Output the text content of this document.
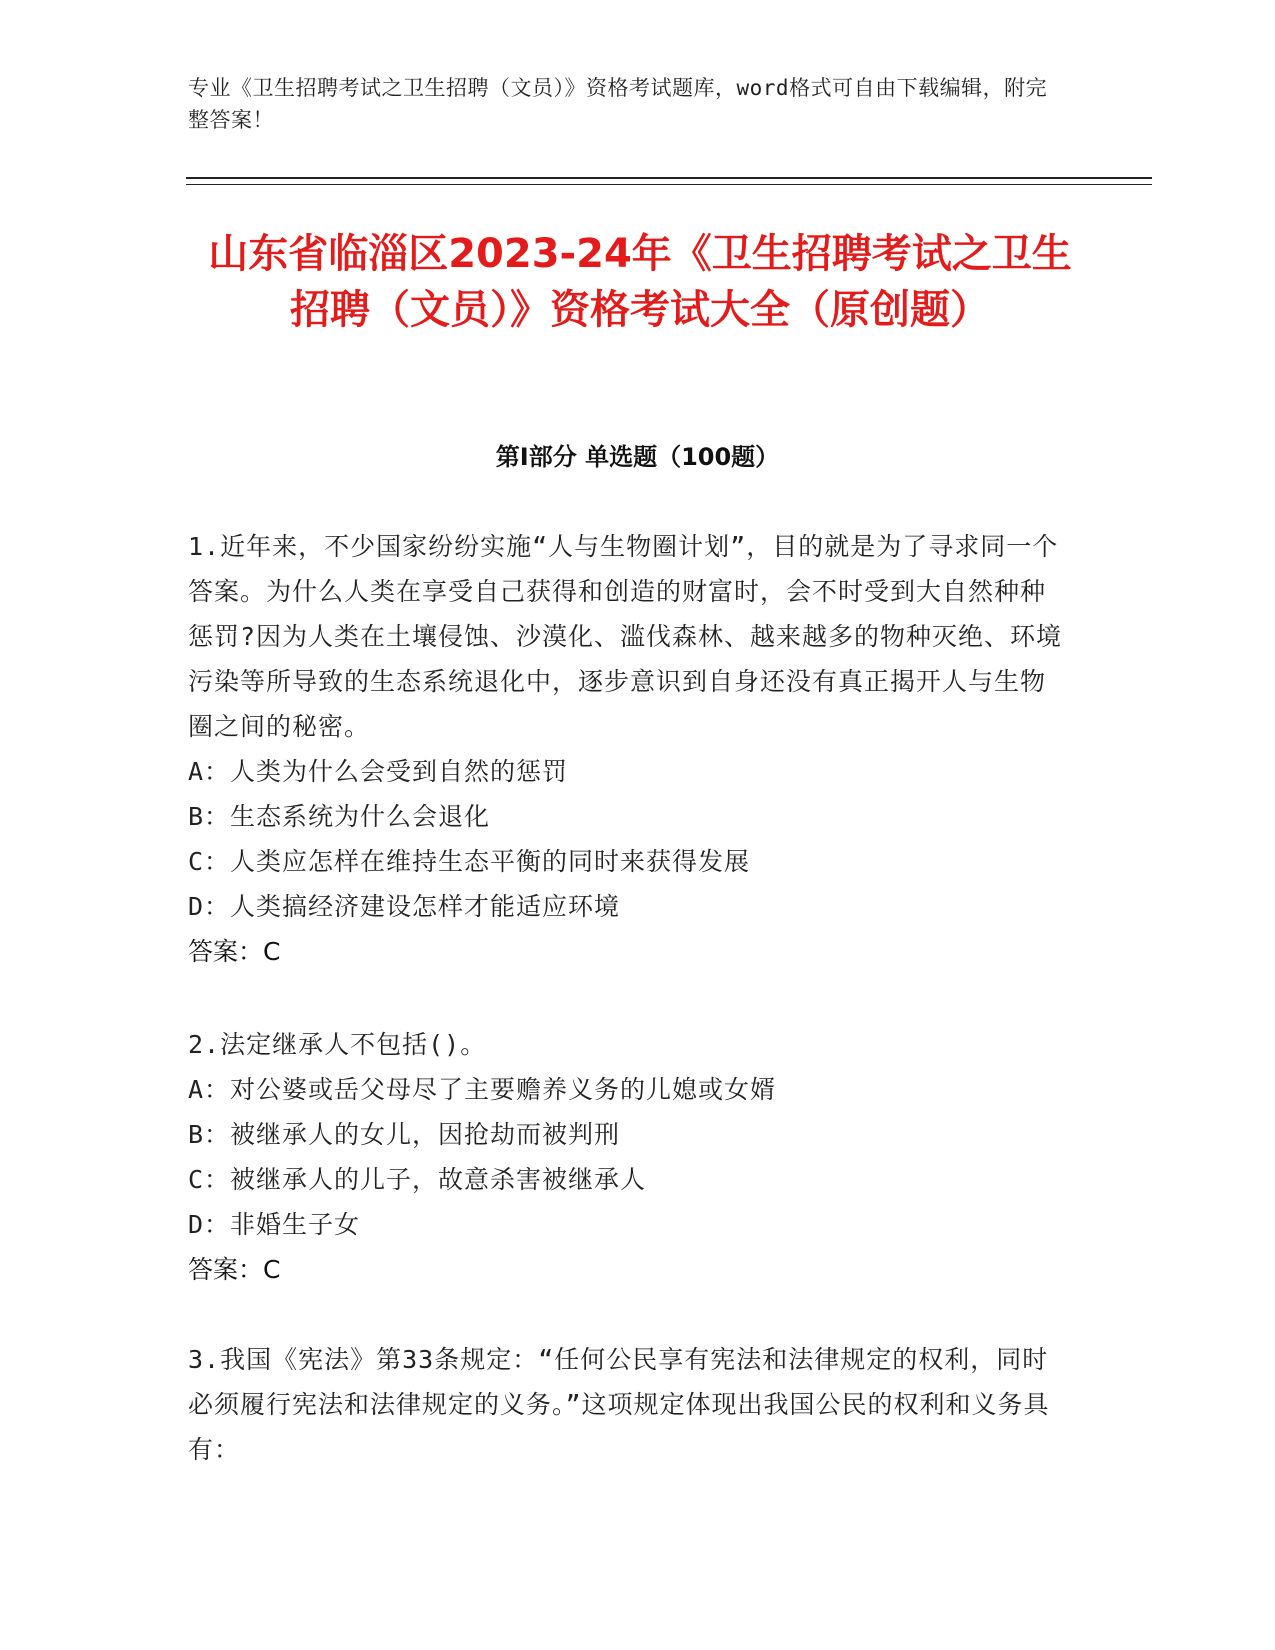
专业《卫生招聘考试之卫生招聘（文员）》资格考试题库，word格式可自由下载编辑，附完整答案！
山东省临淄区2023-24年《卫生招聘考试之卫生招聘（文员）》资格考试大全（原创题）
第Ⅰ部分 单选题（100题）
1.近年来，不少国家纷纷实施“人与生物圈计划”，目的就是为了寻求同一个答案。为什么人类在享受自己获得和创造的财富时，会不时受到大自然种种惩罚?因为人类在土壤侵蚀、沙漠化、滥伐森林、越来越多的物种灭绝、环境污染等所导致的生态系统退化中，逐步意识到自身还没有真正揭开人与生物圈之间的秘密。
A：人类为什么会受到自然的惩罚
B：生态系统为什么会退化
C：人类应怎样在维持生态平衡的同时来获得发展
D：人类搞经济建设怎样才能适应环境
答案：C
2.法定继承人不包括()。
A：对公婆或岳父母尽了主要赡养义务的儿媳或女婿
B：被继承人的女儿，因抢劫而被判刑
C：被继承人的儿子，故意杀害被继承人
D：非婚生子女
答案：C
3.我国《宪法》第33条规定：“任何公民享有宪法和法律规定的权利，同时必须履行宪法和法律规定的义务。”这项规定体现出我国公民的权利和义务具有：
